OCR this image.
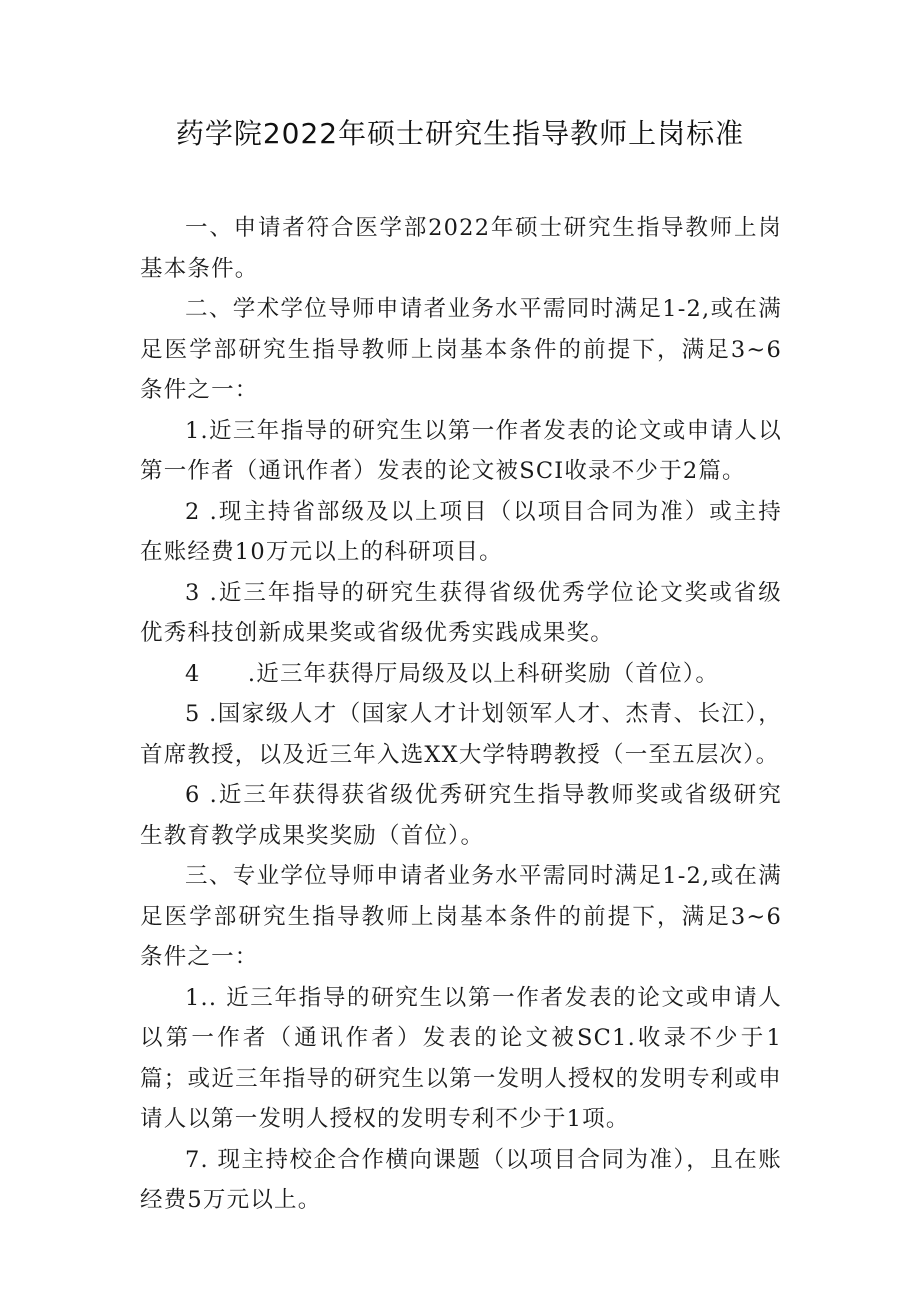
药学院2022年硕士研究生指导教师上岗标准

一、申请者符合医学部2022年硕士研究生指导教师上岗基本条件。

二、学术学位导师申请者业务水平需同时满足1-2,或在满足医学部研究生指导教师上岗基本条件的前提下，满足3~6条件之一：

1.近三年指导的研究生以第一作者发表的论文或申请人以第一作者（通讯作者）发表的论文被SCI收录不少于2篇。

2 .现主持省部级及以上项目（以项目合同为准）或主持在账经费10万元以上的科研项目。

3 .近三年指导的研究生获得省级优秀学位论文奖或省级优秀科技创新成果奖或省级优秀实践成果奖。

4  .近三年获得厅局级及以上科研奖励（首位）。

5 .国家级人才（国家人才计划领军人才、杰青、长江），首席教授，以及近三年入选XX大学特聘教授（一至五层次）。

6 .近三年获得获省级优秀研究生指导教师奖或省级研究生教育教学成果奖奖励（首位）。

三、专业学位导师申请者业务水平需同时满足1-2,或在满足医学部研究生指导教师上岗基本条件的前提下，满足3~6条件之一：

1.. 近三年指导的研究生以第一作者发表的论文或申请人以第一作者（通讯作者）发表的论文被SC1.收录不少于1篇；或近三年指导的研究生以第一发明人授权的发明专利或申请人以第一发明人授权的发明专利不少于1项。

7. 现主持校企合作横向课题（以项目合同为准），且在账经费5万元以上。
